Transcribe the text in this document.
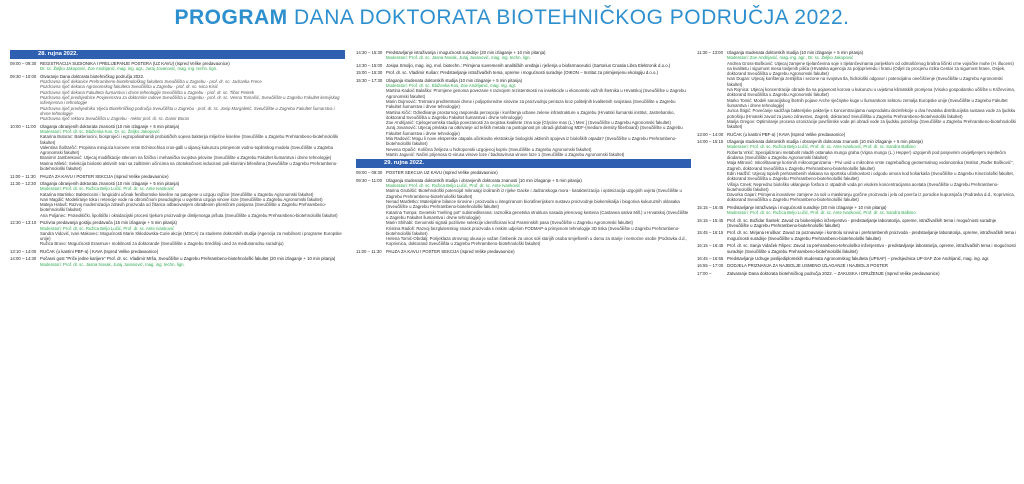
PROGRAM DANA DOKTORATA BIOTEHNIČKOG PODRUČJA 2022.
28. rujna 2022.
09:00 – 09:30 REGISTRACIJA SUDIONIKA I PRELIJEPANJE POSTERA (UZ KAVU) (Ispred Velike predavaonice)
Dr. sc. Željko Jakopović, Zoe Andrijanić, mag. ing. agr., Juraj Jovanović, mag. ing. techn. lign.
09:30 – 10:00 Otvaranje Dana doktorata biotehničkog područja 2022.
Pozdravna riječ dekanice Prehrambeno-biotehnološkog fakulteta Sveučilišta u Zagrebu - prof. dr. sc. Jadranka Frece
Pozdravna riječ dekana Agronomskog fakulteta Sveučilišta u Zagrebu - prof. dr. sc. Ivica Kisić
Pozdravna riječ dekana Fakulteta šumarstva i drvne tehnologije Sveučilišta u Zagrebu - prof. dr. sc. Tibor Pentek
Pozdravna riječ predsjednice Povjerenstva za doktorske radove Sveučilišta u Zagrebu - prof. dr. sc. Vesna Tomašić, Sveučilište u Zagrebu Fakultet kemijskog inženjerstva i tehnologije
Pozdravna riječ predsjednika Vijeća Biotehničkog područja Sveučilišta u Zagrebu - prof. dr. sc. Josip Margaletić, Sveučilište u Zagrebu Fakultet šumarstva i drvne tehnologije
Pozdravna riječ rektora Sveučilišta u Zagrebu - rektor prof. dr. sc. Damir Boras
10:00 – 11:00 Izlaganja obranjenih doktorata znanosti (10 min izlaganje + 5 min pitanja)
Moderatori: Prof. dr. sc. Blaženka Kos, Dr. sc. Željko Jakopović
Katarina Butorac: Bakteriocini, biosprojeći i egzopolisaharidi probiotičkih sojeva bakterija mliječne kiseline (Sveučilište u Zagrebu Prehrambeno-biotehnološki fakultet)
Valentina Šoštarčić: Propisna mirujuća korovne vrste Echinochloa crus-galli u uljanoj kukuruzu primjenom vodno-toplinskog modela (Sveučilište u Zagrebu Agronomski fakultet)
Branimir Jambreković: Utjecaj modifikacije stlenom na fizička i mehanička svojstva jelovine (Sveučilište u Zagrebu Fakultet šumarstva i drvne tehnologije)
Marina Miletić: Selekcija bioloski aktivnih tvari sa zaštitnim učincima na citotoksičnost inducirani poli-klorirani bifenilima (Sveučilište u Zagrebu Prehrambeno-biotehnološki fakultet)
11:00 – 11:30	PAUZA ZA KAVU I POSTER SEKCIJA (Ispred Velike predavaonice)
11:30 – 12:30 Izlaganja obranjenih doktorata znanosti (10 min izlaganje + 5 min pitanja)
Moderatori: Prof. dr. sc. Ružica Beljo Lučić, Prof. dr. sc. Ante Ivanković
Katarina Martinko: Bakteriocini i fungicidni učinak fenilbornske kiseline na patogene u uzgoju rajčice (Sveučilište u Zagrebu Agronomski fakultet)
Ivan Magdić: Modeliranje toka i retencije vode na obroničnom pseudogleju u uvjetima uzgoja vinove loze (Sveučilište u Zagrebu Agronomski fakultet)
Mateja Habuš: Razvoj modernizacija zdravih proizvoda od žitarica odbacivanjem obrađenim pšeničnim posijama (Sveučilište u Zagrebu Prehrambeno-biotehnološki fakultet)
Ana Poljanec: Proteolitički, lipolitički i oksidacijski procesi tijekom proizvodnje dimljenosga pršuta (Sveučilište u Zagrebu Prehrambeno-biotehnološki fakultet)
12:30 – 13:10 Pozivna predavanja gostiju predavača (15 min izlaganje + 5 min pitanja)
Moderatori: Prof. dr. sc. Ružica Beljo Lučić, Prof. dr. sc. Ante Ivanković
Sandra Vidović, Ivan Makovec: Mogućnosti Marie Skłodowska-Curie akcije (MSCA) za studente doktorskih studija (Agencija za mobilnost i programe Europske unije)
Ružica Bruvo: Mogućnosti Erasmus+ mobilnosti za doktorande (Sveučilište u Zagrebu Središnji ured za međunarodnu suradnju)
13:10 – 14:00 RUČAK (u kantini PBF-a) | KAVA (Ispred Velike predavaonice)
14:00 – 14:30 Počasni gost "Priče jedne karijere" Prof. dr. sc. Vladimir Mrša, Sveučilište u Zagrebu Prehrambeno-biotehnološki fakultet (20 min izlaganje + 10 min pitanja)
Moderatori: Prof. dr. sc. Jasna Novak, Juraj Jovanović, mag. ing. techn. lign.
14:30 – 15:30 Predstavljanje istraživanja i mogućnosti suradnje (20 min izlaganje + 10 min pitanja)
Moderatori: Prof. dr. sc. Jasna Novak, Juraj Jovanović, mag. ing. techn. lign.
14:30 – 15:00 Josipa Smoljo, mag. ing. mol. biotechn.: Primjena suvremenih analitičkih uređaja i rješenja u biofarmaceutici (Sartorius Croatia Libra Elektronik d.o.o.)
15:00 – 15:30 Prof. dr. sc. Vladimir Kušan: Predstavljanje istraživačkih tema, opreme i mogućnosti suradnje (OIKON – Institut za primijenjenu ekologiju d.o.o.)
15:30 – 17:30 Izlaganja studenata doktorskih studija (10 min izlaganje + 5 min pitanja)
Moderatori: Prof. dr. sc. Blaženka Kos, Zoe Andrijanić, mag. ing. agr.
Martina Kadoić Balaško: Promjene genoma povezane s razvojem rezistentnosti na insekticide u ekonomski važnih štetnika u Hrvatskoj (Sveučilište u Zagrebu Agronomski fakultet)
Marin Dujmović: Tretmani predtretmani drvne i poljoprivredne sirovine za proizvodnju pentoza kroz politeljnih kvalitetnih svojstava (Sveučilište u Zagrebu Fakultet šumarstva i drvne tehnologije)
Martina Kičić: Određivanje prostornog rasporeda percepcije i korištenja urbane zelene infrastrukture u Zagrebu (Hrvatski šumarski institut, Jastrebarsko, doktorand Sveučilišta u Zagrebu Fakultet šumarstva i drvne tehnologije)
Zoe Andrijanić: Cjelogenomska studija povezanosti za svojstva kvalitete zrna soje [Glycine max (L.) Merr.] (Sveučilište u Zagrebu Agronomski fakultet)
Juraj Jovanović: Utjecaj privlaka na otkrivanje od teških metala na postojanost pri obradi globalnog MDF-(medium density fiberboard) (Sveučilište u Zagrebu Fakultet šumarstva i drvne tehnologije)
Mia Radović: Mogu li nove eksperske otapala učinkovite ekstrakcije biologicki aktivnih spojeva iz bioloških otpada? (Sveučilište u Zagrebu Prehrambeno-biotehnološki fakultet)
Nevena Opačić: Količina želijeza u hidroponski uzgojenoj kopriv (Sveučilište u Zagrebu Agronomski fakultet)
Martin Jagunić: Načini prijenosa G-virusa vinove loze / badnavirusa vinove loze 1 (Sveučilište u Zagrebu Agronomski fakultet)
29. rujna 2022.
09:00 – 09:30 POSTER SEKCIJA UZ KAVU (Ispred Velike predavaonice)
09:30 – 11:00 Izlaganja studenata doktorskih studija i obranjenih doktorata znanosti (10 min izlaganje + 5 min pitanja)
Moderatori: Prof. dr. sc. Ružica Beljo Lučić, Prof. dr. sc. Ante Ivanković
Marina Grubišić: Biotehnološki potencijal mikroalgi izoliranih iz rijeke Gacke i Jadranskoga mora - karakterizacija i optimizacija uzgojnih uvjeta (Sveučilište u Zagrebu Prehrambeno-biotehnološki fakultet)
Nenad Marđetko: Materijalne bilance sirovine i proizvoda u integriranom biorafinerijskom sustavu proizvodnje biokemikalija i biogoriva kukuruznih oklasaka (Sveučilište u Zagrebu Prehrambeno-biotehnološki fakultet)
Katarina Tumpa: Genetski "melting pot" subimediteranа: raznolika genetska struktura nasada jelenovog kestena (Castanea sativa Mill.) u Hrvatskoj (Sveučilište u Zagrebu Fakultet šumarstva i drvne tehnologije)
Marin Shihabi: Genomski signali pozitivne selekcije identificirani kod Pasminskih pasa (Sveučilište u Zagrebu Agronomski fakultet)
Kristina Radoš: Razvoj bezglutenskog snack proizvoda s niskim udjelom FODMAP-a primjenom tehnologije 3D tiska (Sveučilište u Zagrebu Prehrambeno-biotehnološki fakultet)
Helena Tomić-Obrdalj: Porijeklaza otrovnog okusa je važan čimbenik za unos soli starijih osoba smještenih u domu za starije i nemoćne osobe (Podravka d.d., Koprivnica, doktorand Sveučilišta u Zagrebu Prehrambeno-biotehnološki fakultet)
11:00 – 11:30	PAUZA ZA KAVU I POSTER SEKCIJA (Ispred Velike predavaonice)
11:30 – 13:00 Izlaganja studenata doktorskih studija (10 min izlaganje + 5 min pitanja)
Moderatori: Zoe Andrijanić, mag. ing. agr., Dr. sc. Željko Jakopović
Andrea Gross-Bošković: Utjecaj zamjene tijelančevina soje s tijelančevinama porijeklom od odmašćenog brašna ličinki crne vojničke muhe (H. illucens) na kvalitetu i sigurnost mesa tovljenih pilića (Hrvatska agencija za poljoprivredu i hranu (Odjel za procjenu rizika Centar za sigurnost hrane, Osijek, doktorand Sveučilišta u Zagrebu Agronomski fakultet)
Ivan Dugan: Utjecaj korištenja zemljišta i sezone na svojstva tla, hidrološki odgovor i potencijalno onečišćenje (Sveučilište u Zagrebu Agronomski fakultet)
Iva Rojnica: Utjecaj koncentracije obrade tla na pojavnost korova u kukuruzu u uvjetima klimatskih promjena (Visoko gospodarsko učilište u Križevcima, doktorand Sveučilišta u Zagrebu Agronomski fakultet)
Marko Tomić: Modeli sanacijskog štetnih pojave Arche sječnjske kuge u šumarskom sektoru zemalja Europske unije (Sveučilište u Zagrebu Fakultet šumarstva i drvne tehnologije)
Jurica Štigić: Povećanje sadržaja bakterijske pakterije s koncentracijama nusproduktu dezinfekcije u dva hrvatska distribucijska sustava vode za ljudsku potrošnju (Hrvatski zavod za javno zdravstvo, Zagreb, doktorand Sveučilišta u Zagrebu Prehrambeno-biotehnološki fakultet)
Marija Gregov: Optimiranje procesa ozonizacije površinske vode pri obradi vode za ljudsku potrošnju (Sveučilište u Zagrebu Prehrambeno-biotehnološki fakultet)
13:00 – 14:00 RUČAK (u kantini PBF-a) | KAVA (Ispred Velike predavaonice)
14:00 – 15:15 Izlaganja studenata doktorskih studija i obranjenih doktorata znanosti (10 min izlaganje + 5 min pitanja)
Moderatori: Prof. dr. sc. Ružica Beljo Lučić, Prof. dr. sc. Ante Ivanković, Prof. dr. sc. Sandra Balbino
Roberta Vrkić: Specijalizirani metabolit mladih ostanaka mungo graha (Vigna mungo (L.) Hepper) uzgojenih pod posjevnim osvjetljenjem svjetlećim diodama (Sveučilište u Zagrebu Agronomski fakultet)
Maja Mitrović: Iskorištavanje korisnih mikroorganizama - Prvi uvid u mikrobne vrste zagrebačkog geotermalnog vodonosnika (Institut „Ruđer Bošković", Zagreb, doktorand Sveučilišta u Zagrebu Prehrambeno-biotehnološki fakultet)
Edin Hadžić: Utjecaj topivih prehrambenih vlakana na sportsku učinkovitost i odgodu umora kod košarkaša (Sveučilište u Zagrebu Kineziološki fakultet, doktorand Sveučilišta u Zagrebu Prehrambeno-biotehnološki fakultet)
Višnja Cmek: Nepredno biološko uklanjanje fosfora iz otpadnih voda pri visokim koncentracijama acetata (Sveučilište u Zagrebu Prehrambeno-biotehnološki fakultet)
Davorka Gajari: Primjena inovativne zamjene za soli u maskiranju gorčine proizvoda i jela od povrća iz porodice kupusnjača (Podravka d.d., Koprivnica, doktorand Sveučilišta u Zagrebu Prehrambeno-biotehnološki fakultet)
15:15 – 16:45 Predstavljanje istraživanja i mogućnosti suradnje (20 min izlaganje + 10 min pitanja)
Moderatori: Prof. dr. sc. Ružica Beljo Lučić, Prof. dr. sc. Ante Ivanković, Prof. dr. sc. Sandra Balbino
15:15 – 15:45 Prof. dr. sc. Božidar Šantek: Zavod za biokemijsko inženjerstvo - predstavljanje laboratorija, opreme, istraživačkih tema i mogućnosti suradnje (Sveučilište u Zagrebu Prehrambeno-biotehnološki fakultet)
15:45 – 16:15 Prof. dr. sc. Mirjana Hruškar: Zavod za poznavanje i kontrolu sirovina i prehrambenih proizvoda - predstavljanje laboratorija, opreme, istraživačkih tema i mogućnosti suradnje (Sveučilište u Zagrebu Prehrambeno-biotehnološki fakultet)
16:15 – 16:45 Prof. dr. sc. Sanja Vidaček Filipec: Zavod za prehrambeno-tehnološko inženjerstvo - predstavljanje laboratorija, opreme, istraživačkih tema i mogućnosti suradnje (Sveučilište u Zagrebu Prehrambeno-biotehnološki fakultet)
16:45 – 16:55 Predstavljanje Udruge poslijediplomskih studenata Agronomskog fakulteta (UPSAF) – predsjednica UP-SAF Zoe Andrijanić, mag. ing. agr.
16:55 – 17:00 DODJELA PRIZNANJA ZA NAJBOLJE USMENO IZLAGANJE I NAJBOLJI POSTER
17:00 –	Zatvaranje Dana doktorata biotehničkog područja 2022. – ZAKUSKA I DRUŽENJE (Ispred Velike predavaonice)
